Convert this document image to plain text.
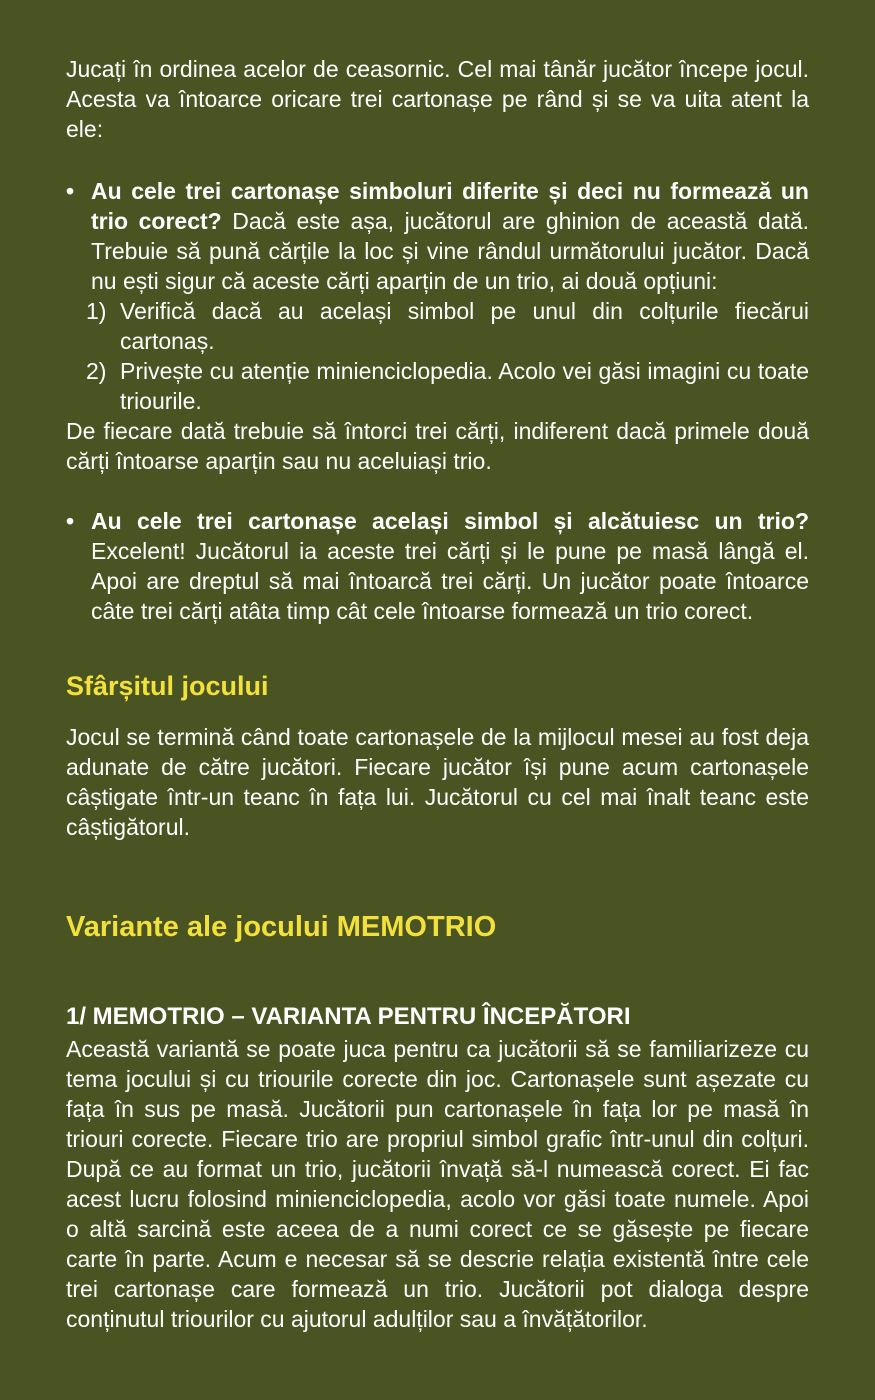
Jucați în ordinea acelor de ceasornic. Cel mai tânăr jucător începe jocul. Acesta va întoarce oricare trei cartonașe pe rând și se va uita atent la ele:

• Au cele trei cartonașe simboluri diferite și deci nu formează un trio corect? Dacă este așa, jucătorul are ghinion de această dată. Trebuie să pună cărțile la loc și vine rândul următorului jucător. Dacă nu ești sigur că aceste cărți aparțin de un trio, ai două opțiuni:

1) Verifică dacă au același simbol pe unul din colțurile fiecărui cartonaș.
2) Privește cu atenție minienciclopedia. Acolo vei găsi imagini cu toate triourile.

De fiecare dată trebuie să întorci trei cărți, indiferent dacă primele două cărți întoarse aparțin sau nu aceluiași trio.

• Au cele trei cartonașe același simbol și alcătuiesc un trio? Excelent! Jucătorul ia aceste trei cărți și le pune pe masă lângă el. Apoi are dreptul să mai întoarcă trei cărți. Un jucător poate întoarce câte trei cărți atâta timp cât cele întoarse formează un trio corect.

Sfârșitul jocului

Jocul se termină când toate cartonașele de la mijlocul mesei au fost deja adunate de către jucători. Fiecare jucător își pune acum cartonașele câștigate într-un teanc în fața lui. Jucătorul cu cel mai înalt teanc este câștigătorul.

Variante ale jocului MEMOTRIO
1/ MEMOTRIO – VARIANTA PENTRU ÎNCEPĂTORI

Această variantă se poate juca pentru ca jucătorii să se familiarizeze cu tema jocului și cu triourile corecte din joc. Cartonașele sunt așezate cu fața în sus pe masă. Jucătorii pun cartonașele în fața lor pe masă în triouri corecte. Fiecare trio are propriul simbol grafic într-unul din colțuri. După ce au format un trio, jucătorii învață să-l numească corect. Ei fac acest lucru folosind minienciclopedia, acolo vor găsi toate numele. Apoi o altă sarcină este aceea de a numi corect ce se găsește pe fiecare carte în parte. Acum e necesar să se descrie relația existentă între cele trei cartonașe care formează un trio. Jucătorii pot dialoga despre conținutul triourilor cu ajutorul adulților sau a învățătorilor.
